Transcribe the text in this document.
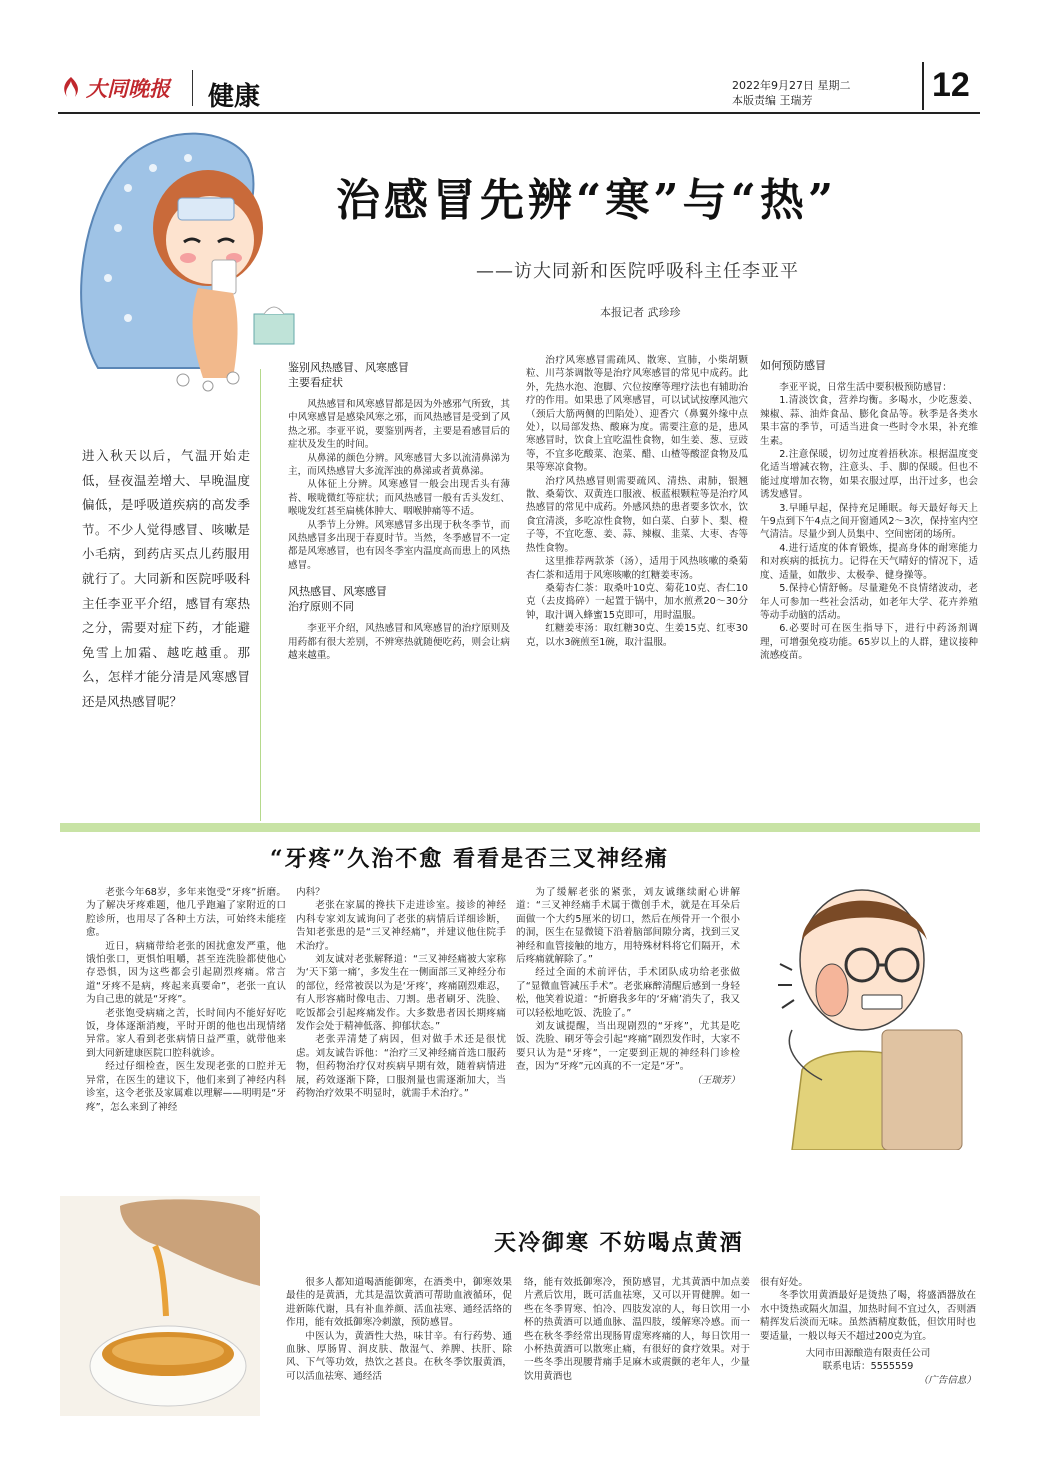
大同晚报 健康	2022年9月27日 星期二
本版责编 王瑞芳	12
治感冒先辨“寒”与“热”
——访大同新和医院呼吸科主任李亚平
本报记者 武珍珍
进入秋天以后，气温开始走低，昼夜温差增大、早晚温度偏低，是呼吸道疾病的高发季节。不少人觉得感冒、咳嗽是小毛病，到药店买点儿药服用就行了。大同新和医院呼吸科主任李亚平介绍，感冒有寒热之分，需要对症下药，才能避免雪上加霜、越吃越重。那么，怎样才能分清是风寒感冒还是风热感冒呢？
鉴别风热感冒、风寒感冒
主要看症状

风热感冒和风寒感冒都是因为外感邪气所致，其中风寒感冒是感染风寒之邪，而风热感冒是受到了风热之邪。李亚平说，要鉴别两者，主要是看感冒后的症状及发生的时间。

从鼻涕的颜色分辨。风寒感冒大多以流清鼻涕为主，而风热感冒大多流浑浊的鼻涕或者黄鼻涕。

从体征上分辨。风寒感冒一般会出现舌头有薄苔、喉咙微红等症状；而风热感冒一般有舌头发红、喉咙发红甚至扁桃体肿大、咽喉肿痛等不适。

从季节上分辨。风寒感冒多出现于秋冬季节，而风热感冒多出现于春夏时节。当然，冬季感冒不一定都是风寒感冒，也有因冬季室内温度高而患上的风热感冒。

风热感冒、风寒感冒
治疗原则不同

李亚平介绍，风热感冒和风寒感冒的治疗原则及用药都有很大差别，不辨寒热就随便吃药，则会让病越来越重。

治疗风寒感冒需疏风、散寒、宣肺，小柴胡颗粒、川芎茶调散等是治疗风寒感冒的常见中成药。此外，先热水泡、泡脚、穴位按摩等理疗法也有辅助治疗的作用。如果患了风寒感冒，可以试试按摩风池穴（颈后大筋两侧的凹陷处）、迎香穴（鼻翼外缘中点处），以局部发热、酸麻为度。需要注意的是，患风寒感冒时，饮食上宜吃温性食物，如生姜、葱、豆豉等，不宜多吃酸菜、泡菜、醋、山楂等酸涩食物及瓜果等寒凉食物。

治疗风热感冒则需要疏风、清热、肃肺，银翘散、桑菊饮、双黄连口服液、板蓝根颗粒等是治疗风热感冒的常见中成药。外感风热的患者要多饮水，饮食宜清淡，多吃凉性食物，如白菜、白萝卜、梨、橙子等，不宜吃葱、姜、蒜、辣椒、韭菜、大枣、杏等热性食物。

这里推荐两款茶（汤），适用于风热咳嗽的桑菊杏仁茶和适用于风寒咳嗽的红糖姜枣汤。

桑菊杏仁茶：取桑叶10克、菊花10克、杏仁10克（去皮捣碎）一起置于锅中，加水煎煮20～30分钟，取汁调入蜂蜜15克即可，用时温服。

红糖姜枣汤：取红糖30克、生姜15克、红枣30克，以水3碗煎至1碗，取汁温服。

如何预防感冒

李亚平说，日常生活中要积极预防感冒：

1.清淡饮食，营养均衡。多喝水，少吃葱姜、辣椒、蒜、油炸食品、膨化食品等。秋季是各类水果丰富的季节，可适当进食一些时令水果，补充维生素。

2.注意保暖，切勿过度着捂秋冻。根据温度变化适当增减衣物，注意头、手、脚的保暖。但也不能过度增加衣物，如果衣服过厚，出汗过多，也会诱发感冒。

3.早睡早起，保持充足睡眠。每天最好每天上午9点到下午4点之间开窗通风2～3次，保持室内空气清洁。尽量少到人员集中、空间密闭的场所。

4.进行适度的体育锻炼，提高身体的耐寒能力和对疾病的抵抗力。记得在天气晴好的情况下，适度、适量，如散步、太极拳、健身操等。

5.保持心情舒畅。尽量避免不良情绪波动，老年人可参加一些社会活动，如老年大学、花卉养殖等动手动脑的活动。

6.必要时可在医生指导下，进行中药汤剂调理，可增强免疫功能。65岁以上的人群，建议接种流感疫苗。

“牙疼”久治不愈 看看是否三叉神经痛

老张今年68岁，多年来饱受“牙疼”折磨。为了解决牙疼难题，他几乎跑遍了家附近的口腔诊所，也用尽了各种土方法，可始终未能痊愈。

近日，病痛带给老张的困扰愈发严重，他饿怕张口，更惧怕咀嚼，甚至连洗脸都使他心存恐惧，因为这些都会引起剧烈疼痛。常言道“牙疼不是病，疼起来真要命”，老张一直认为自己患的就是“牙疼”。

老张饱受病痛之苦，长时间内不能好好吃饭，身体逐渐消瘦，平时开朗的他也出现情绪异常。家人看到老张病情日益严重，就带他来到大同新建康医院口腔科就诊。

经过仔细检查，医生发现老张的口腔并无异常，在医生的建议下，他们来到了神经内科诊室，这令老张及家属难以理解——明明是“牙疼”，怎么来到了神经

内科？

老张在家属的搀扶下走进诊室。接诊的神经内科专家刘友诚询问了老张的病情后详细诊断，告知老张患的是“三叉神经痛”，并建议他住院手术治疗。

刘友诚对老张解释道：“三叉神经痛被大家称为‘天下第一痛’，多发生在一侧面部三叉神经分布的部位，经常被误以为是‘牙疼’，疼痛剧烈难忍，有人形容痛时像电击、刀割。患者刷牙、洗脸、吃饭都会引起疼痛发作。大多数患者因长期疼痛发作会处于精神低落、抑郁状态。”

老张弄清楚了病因，但对做手术还是很忧虑。刘友诚告诉他：“治疗三叉神经痛首选口服药物，但药物治疗仅对疾病早期有效，随着病情进展，药效逐渐下降，口服剂量也需逐渐加大，当药物治疗效果不明显时，就需手术治疗。”

为了缓解老张的紧张，刘友诚继续耐心讲解道：“三叉神经痛手术属于微创手术，就是在耳朵后面做一个大约5厘米的切口，然后在颅骨开一个很小的洞，医生在显微镜下沿着脑部间隙分离，找到三叉神经和血管接触的地方，用特殊材料将它们隔开，术后疼痛就解除了。”

经过全面的术前评估，手术团队成功给老张做了“显微血管减压手术”。老张麻醉清醒后感到一身轻松，他笑着说道：“折磨我多年的‘牙痛’消失了，我又可以轻松地吃饭、洗脸了。”

刘友诚提醒，当出现剧烈的“牙疼”，尤其是吃饭、洗脸、刷牙等会引起“疼痛”剧烈发作时，大家不要只认为是“牙疼”，一定要到正规的神经科门诊检查，因为“牙疼”元凶真的不一定是“牙”。

（王瑞芳）

天冷御寒 不妨喝点黄酒

很多人都知道喝酒能御寒，在酒类中，御寒效果最佳的是黄酒，尤其是温饮黄酒可帮助血液循环，促进新陈代谢，具有补血养颜、活血祛寒、通经活络的作用，能有效抵御寒冷刺激，预防感冒。

中医认为，黄酒性大热，味甘辛。有行药势、通血脉、厚肠胃、润皮肤、散湿气、养脾、扶肝、除风、下气等功效，热饮之甚良。在秋冬季饮服黄酒，可以活血祛寒、通经活

络，能有效抵御寒冷，预防感冒，尤其黄酒中加点姜片煮后饮用，既可活血祛寒，又可以开胃健脾。如一些在冬季胃寒、怕冷、四肢发凉的人，每日饮用一小杯的热黄酒可以通血脉、温四肢，缓解寒冷感。而一些在秋冬季经常出现肠胃虚寒疼痛的人，每日饮用一小杯热黄酒可以散寒止痛，有很好的食疗效果。对于一些冬季出现腰背痛手足麻木或震颤的老年人，少量饮用黄酒也

很有好处。

冬季饮用黄酒最好是烫热了喝，将盛酒器放在水中烫热或隔火加温，加热时间不宜过久，否则酒精挥发后淡而无味。虽然酒精度数低，但饮用时也要适量，一般以每天不超过200克为宜。

大同市田源酿造有限责任公司

联系电话：5555559

（广告信息）
